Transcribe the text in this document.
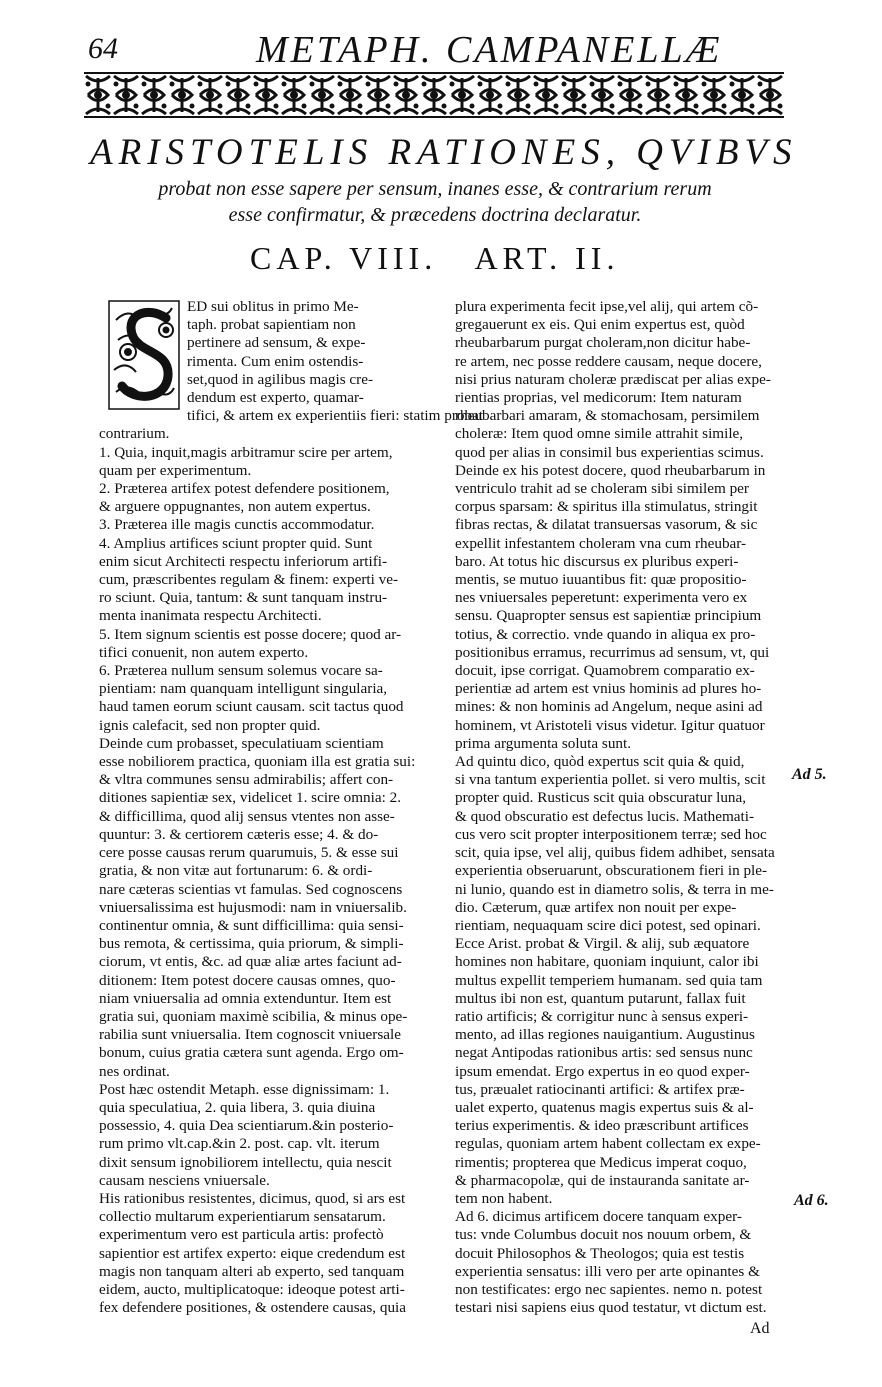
64	METAPH. CAMPANELLÆ
ARISTOTELIS RATIONES, QVIBVS
probat non esse sapere per sensum, inanes esse, & contrarium rerum
esse confirmatur, & præcedens doctrina declaratur.
CAP. VIII.   ART. II.
ED sui oblitus in primo Me-
taph. probat sapientiam non
pertinere ad sensum, & expe-
rimenta. Cum enim ostendis-
set,quod in agilibus magis cre-
dendum est experto, quamar-
tifici, & artem ex experientiis fieri: statim probat
contrarium.
1. Quia, inquit,magis arbitramur scire per artem,
quam per experimentum.
2. Præterea artifex potest defendere positionem,
& arguere oppugnantes, non autem expertus.
3. Præterea ille magis cunctis accommodatur.
4. Amplius artifices sciunt propter quid. Sunt
enim sicut Architecti respectu inferiorum artifi-
cum, præscribentes regulam & finem: experti ve-
ro sciunt. Quia, tantum: & sunt tanquam instru-
menta inanimata respectu Architecti.
5. Item signum scientis est posse docere; quod ar-
tifici conuenit, non autem experto.
6. Præterea nullum sensum solemus vocare sa-
pientiam: nam quanquam intelligunt singularia,
haud tamen eorum sciunt causam. scit tactus quod
ignis calefacit, sed non propter quid.
Deinde cum probasset, speculatiuam scientiam
esse nobiliorem practica, quoniam illa est gratia sui:
& vltra communes sensu admirabilis; affert con-
ditiones sapientiæ sex, videlicet 1. scire omnia: 2.
& difficillima, quod alij sensus vtentes non asse-
quuntur: 3. & certiorem cæteris esse; 4. & do-
cere posse causas rerum quarumuis, 5. & esse sui
gratia, & non vitæ aut fortunarum: 6. & ordi-
nare cæteras scientias vt famulas. Sed cognoscens
vniuersalissima est hujusmodi: nam in vniuersalib.
continentur omnia, & sunt difficillima: quia sensi-
bus remota, & certissima, quia priorum, & simpli-
ciorum, vt entis, &c. ad quæ aliæ artes faciunt ad-
ditionem: Item potest docere causas omnes, quo-
niam vniuersalia ad omnia extenduntur. Item est
gratia sui, quoniam maximè scibilia, & minus ope-
rabilia sunt vniuersalia. Item cognoscit vniuersale
bonum, cuius gratia cætera sunt agenda. Ergo om-
nes ordinat.
Post hæc ostendit Metaph. esse dignissimam: 1.
quia speculatiua, 2. quia libera, 3. quia diuina
possessio, 4. quia Dea scientiarum.&in posterio-
rum primo vlt.cap.&in 2. post. cap. vlt. iterum
dixit sensum ignobiliorem intellectu, quia nescit
causam nesciens vniuersale.
His rationibus resistentes, dicimus, quod, si ars est
collectio multarum experientiarum sensatarum.
experimentum vero est particula artis: profectò
sapientior est artifex experto: eique credendum est
magis non tanquam alteri ab experto, sed tanquam
eidem, aucto, multiplicatoque: ideoque potest arti-
fex defendere positiones, & ostendere causas, quia
plura experimenta fecit ipse,vel alij, qui artem cõ-
gregauerunt ex eis. Qui enim expertus est, quòd
rheubarbarum purgat choleram,non dicitur habe-
re artem, nec posse reddere causam, neque docere,
nisi prius naturam choleræ prædiscat per alias expe-
rientias proprias, vel medicorum: Item naturam
rheubarbari amaram, & stomachosam, persimilem
choleræ: Item quod omne simile attrahit simile,
quod per alias in consimil bus experientias scimus.
Deinde ex his potest docere, quod rheubarbarum in
ventriculo trahit ad se choleram sibi similem per
corpus sparsam: & spiritus illa stimulatus, stringit
fibras rectas, & dilatat transuersas vasorum, & sic
expellit infestantem choleram vna cum rheubar-
baro. At totus hic discursus ex pluribus experi-
mentis, se mutuo iuuantibus fit: quæ propositio-
nes vniuersales peperetunt: experimenta vero ex
sensu. Quapropter sensus est sapientiæ principium
totius, & correctio. vnde quando in aliqua ex pro-
positionibus erramus, recurrimus ad sensum, vt, qui
docuit, ipse corrigat. Quamobrem comparatio ex-
perientiæ ad artem est vnius hominis ad plures ho-
mines: & non hominis ad Angelum, neque asini ad
hominem, vt Aristoteli visus videtur. Igitur quatuor
prima argumenta soluta sunt.
Ad quintu dico, quòd expertus scit quia & quid,
si vna tantum experientia pollet. si vero multis, scit
propter quid. Rusticus scit quia obscuratur luna,
& quod obscuratio est defectus lucis. Mathemati-
cus vero scit propter interpositionem terræ; sed hoc
scit, quia ipse, vel alij, quibus fidem adhibet, sensata
experientia obseruarunt, obscurationem fieri in ple-
ni lunio, quando est in diametro solis, & terra in me-
dio. Cæterum, quæ artifex non nouit per expe-
rientiam, nequaquam scire dici potest, sed opinari.
Ecce Arist. probat & Virgil. & alij, sub æquatore
homines non habitare, quoniam inquiunt, calor ibi
multus expellit temperiem humanam. sed quia tam
multus ibi non est, quantum putarunt, fallax fuit
ratio artificis; & corrigitur nunc à sensus experi-
mento, ad illas regiones nauigantium. Augustinus
negat Antipodas rationibus artis: sed sensus nunc
ipsum emendat. Ergo expertus in eo quod exper-
tus, præualet ratiocinanti artifici: & artifex præ-
ualet experto, quatenus magis expertus suis & al-
terius experimentis. & ideo præscribunt artifices
regulas, quoniam artem habent collectam ex expe-
rimentis; propterea que Medicus imperat coquo,
& pharmacopolæ, qui de instauranda sanitate ar-
tem non habent.
Ad 6. dicimus artificem docere tanquam exper-
tus: vnde Columbus docuit nos nouum orbem, &
docuit Philosophos & Theologos; quia est testis
experientia sensatus: illi vero per arte opinantes &
non testificates: ergo nec sapientes. nemo n. potest
testari nisi sapiens eius quod testatur, vt dictum est.
Ad 5.
Ad 6.
Ad
